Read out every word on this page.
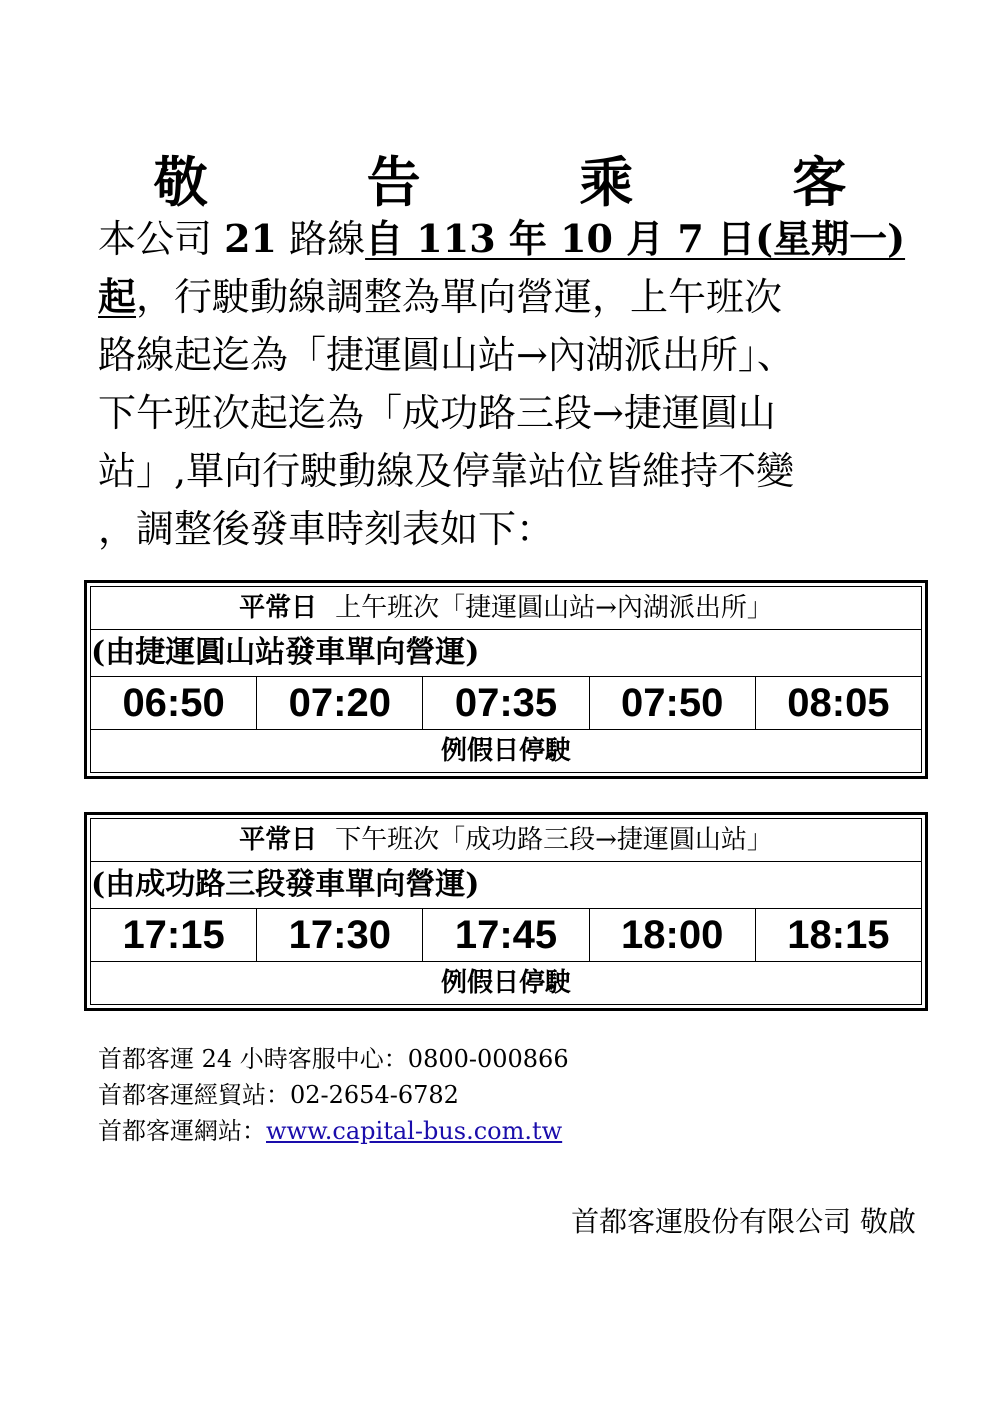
敬 告 乘 客
本公司 21 路線自 113 年 10 月 7 日(星期一)
起，行駛動線調整為單向營運，上午班次
路線起迄為「捷運圓山站→內湖派出所」、
下午班次起迄為「成功路三段→捷運圓山
站」,單向行駛動線及停靠站位皆維持不變
，調整後發車時刻表如下：
平常日 上午班次「捷運圓山站→內湖派出所」
(由捷運圓山站發車單向營運)
06:50	07:20	07:35	07:50	08:05
例假日停駛
平常日 下午班次「成功路三段→捷運圓山站」
(由成功路三段發車單向營運)
17:15	17:30	17:45	18:00	18:15
例假日停駛
首都客運 24 小時客服中心：0800-000866
首都客運經貿站：02-2654-6782
首都客運網站：www.capital-bus.com.tw
首都客運股份有限公司 敬啟
